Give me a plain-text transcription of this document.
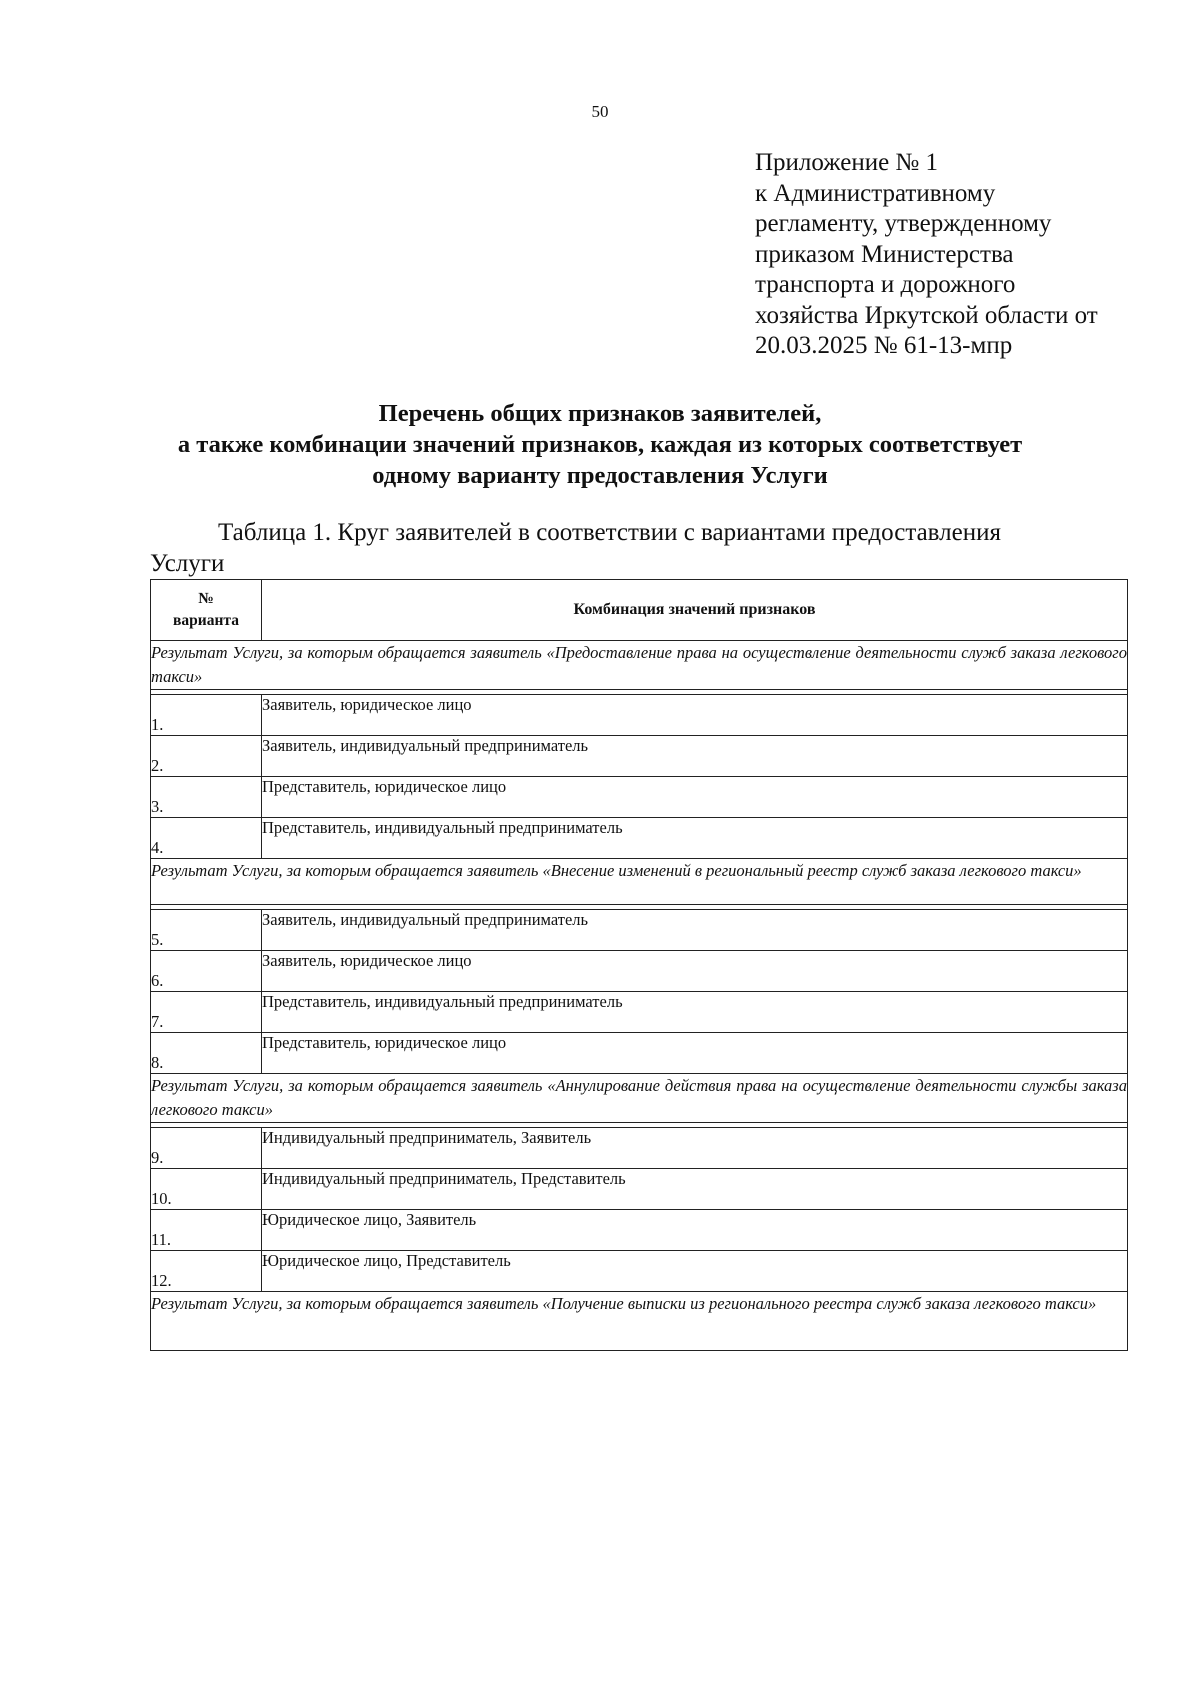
50
Приложение № 1
к Административному
регламенту, утвержденному
приказом Министерства
транспорта и дорожного
хозяйства Иркутской области от
20.03.2025 № 61-13-мпр
Перечень общих признаков заявителей,
а также комбинации значений признаков, каждая из которых соответствует
одному варианту предоставления Услуги
Таблица 1. Круг заявителей в соответствии с вариантами предоставления
Услуги
№
варианта	Комбинация значений признаков
Результат Услуги, за которым обращается заявитель «Предоставление права на осуществление деятельности служб заказа легкового такси»	

1.	Заявитель, юридическое лицо
2.	Заявитель, индивидуальный предприниматель
3.	Представитель, юридическое лицо
4.	Представитель, индивидуальный предприниматель
Результат Услуги, за которым обращается заявитель «Внесение изменений в региональный реестр служб заказа легкового такси»	

5.	Заявитель, индивидуальный предприниматель
6.	Заявитель, юридическое лицо
7.	Представитель, индивидуальный предприниматель
8.	Представитель, юридическое лицо
Результат Услуги, за которым обращается заявитель «Аннулирование действия права на осуществление деятельности службы заказа легкового такси»	

9.	Индивидуальный предприниматель, Заявитель
10.	Индивидуальный предприниматель, Представитель
11.	Юридическое лицо, Заявитель
12.	Юридическое лицо, Представитель
Результат Услуги, за которым обращается заявитель «Получение выписки из регионального реестра служб заказа легкового такси»	
